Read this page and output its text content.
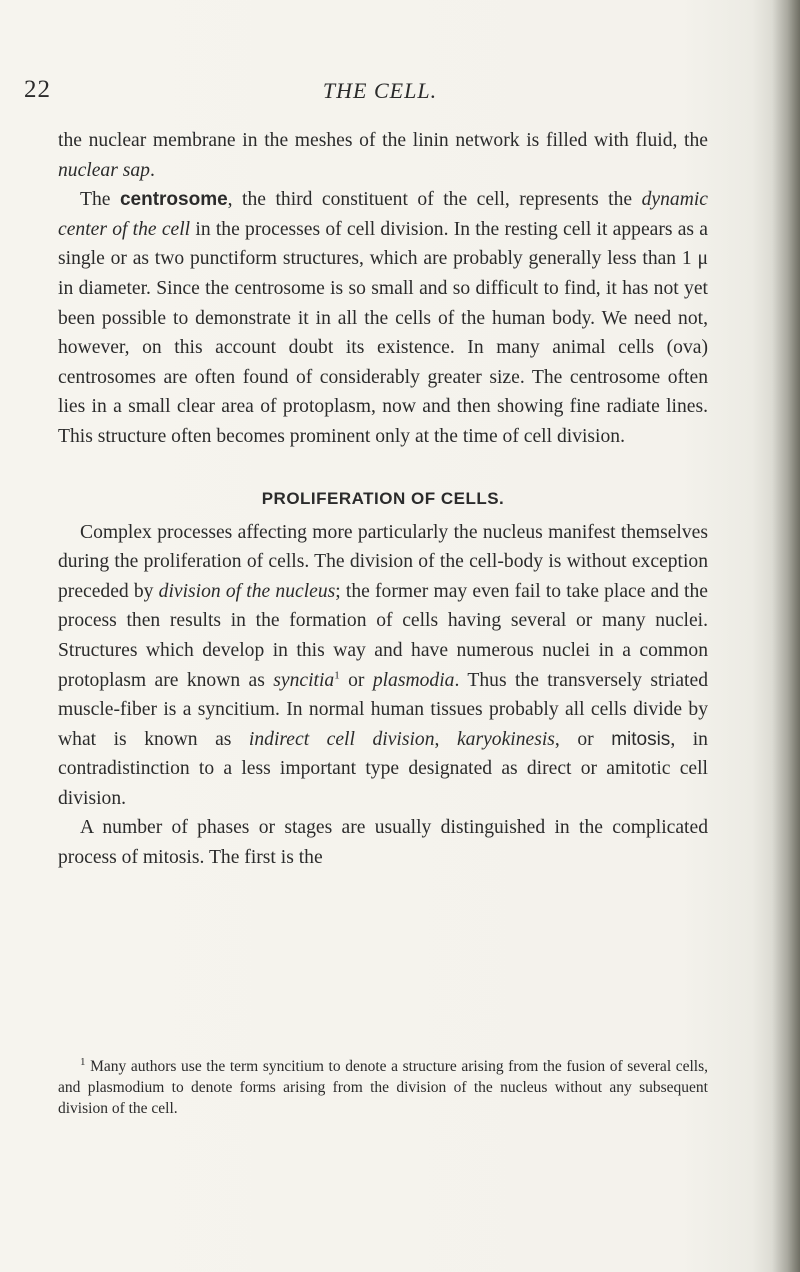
22	THE CELL.

the nuclear membrane in the meshes of the linin network is filled with fluid, the nuclear sap.

The centrosome, the third constituent of the cell, represents the dynamic center of the cell in the processes of cell division. In the resting cell it appears as a single or as two punctiform structures, which are probably generally less than 1 μ in diameter. Since the centrosome is so small and so difficult to find, it has not yet been possible to demonstrate it in all the cells of the human body. We need not, however, on this account doubt its existence. In many animal cells (ova) centrosomes are often found of considerably greater size. The centrosome often lies in a small clear area of protoplasm, now and then showing fine radiate lines. This structure often becomes prominent only at the time of cell division.

PROLIFERATION OF CELLS.

Complex processes affecting more particularly the nucleus manifest themselves during the proliferation of cells. The division of the cell-body is without exception preceded by division of the nucleus; the former may even fail to take place and the process then results in the formation of cells having several or many nuclei. Structures which develop in this way and have numerous nuclei in a common protoplasm are known as syncitia$^1$ or plasmodia. Thus the transversely striated muscle-fiber is a syncitium. In normal human tissues probably all cells divide by what is known as indirect cell division, karyokinesis, or mitosis, in contradistinction to a less important type designated as direct or amitotic cell division.

A number of phases or stages are usually distinguished in the complicated process of mitosis. The first is the

$^1$ Many authors use the term syncitium to denote a structure arising from the fusion of several cells, and plasmodium to denote forms arising from the division of the nucleus without any subsequent division of the cell.
